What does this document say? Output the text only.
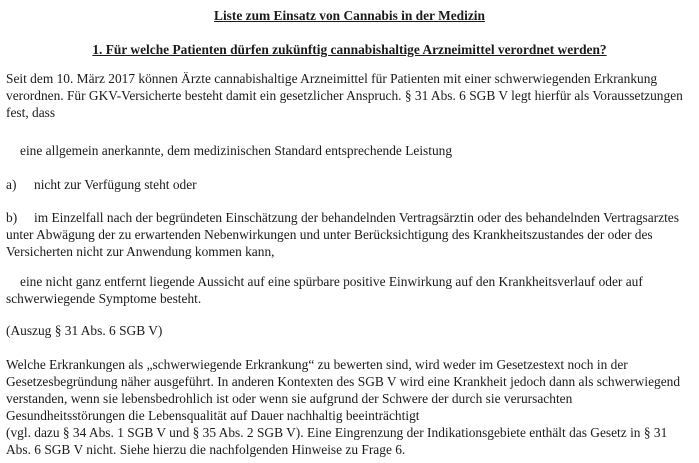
Liste zum Einsatz von Cannabis in der Medizin
1. Für welche Patienten dürfen zukünftig cannabishaltige Arzneimittel verordnet werden?

Seit dem 10. März 2017 können Ärzte cannabishaltige Arzneimittel für Patienten mit einer schwerwiegenden Erkrankung verordnen. Für GKV-Versicherte besteht damit ein gesetzlicher Anspruch. § 31 Abs. 6 SGB V legt hierfür als Voraussetzungen fest, dass

eine allgemein anerkannte, dem medizinischen Standard entsprechende Leistung

a) nicht zur Verfügung steht oder

b) im Einzelfall nach der begründeten Einschätzung der behandelnden Vertragsärztin oder des behandelnden Vertragsarztes unter Abwägung der zu erwartenden Nebenwirkungen und unter Berücksichtigung des Krankheitszustandes der oder des Versicherten nicht zur Anwendung kommen kann,

eine nicht ganz entfernt liegende Aussicht auf eine spürbare positive Einwirkung auf den Krankheitsverlauf oder auf schwerwiegende Symptome besteht.

(Auszug § 31 Abs. 6 SGB V)

Welche Erkrankungen als „schwerwiegende Erkrankung“ zu bewerten sind, wird weder im Gesetzestext noch in der Gesetzesbegründung näher ausgeführt. In anderen Kontexten des SGB V wird eine Krankheit jedoch dann als schwerwiegend verstanden, wenn sie lebensbedrohlich ist oder wenn sie aufgrund der Schwere der durch sie verursachten Gesundheitsstörungen die Lebensqualität auf Dauer nachhaltig beeinträchtigt
(vgl. dazu § 34 Abs. 1 SGB V und § 35 Abs. 2 SGB V). Eine Eingrenzung der Indikationsgebiete enthält das Gesetz in § 31 Abs. 6 SGB V nicht. Siehe hierzu die nachfolgenden Hinweise zu Frage 6.
